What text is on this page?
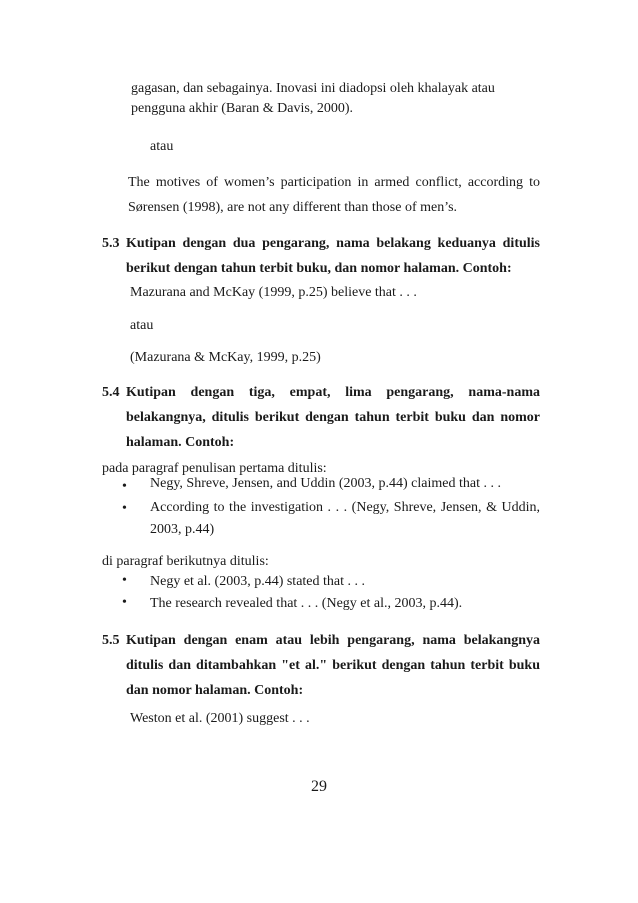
gagasan, dan sebagainya. Inovasi ini diadopsi oleh khalayak atau
pengguna akhir (Baran & Davis, 2000).
atau
The motives of women’s participation in armed conflict, according to Sørensen (1998), are not any different than those of men’s.
5.3 Kutipan dengan dua pengarang, nama belakang keduanya ditulis berikut dengan tahun terbit buku, dan nomor halaman. Contoh:
Mazurana and McKay (1999, p.25) believe that . . .
atau
(Mazurana & McKay, 1999, p.25)
5.4 Kutipan dengan tiga, empat, lima pengarang, nama-nama belakangnya, ditulis berikut dengan tahun terbit buku dan nomor halaman. Contoh:
pada paragraf penulisan pertama ditulis:
• Negy, Shreve, Jensen, and Uddin (2003, p.44) claimed that . . .
• According to the investigation . . . (Negy, Shreve, Jensen, & Uddin, 2003, p.44)
di paragraf berikutnya ditulis:
• Negy et al. (2003, p.44) stated that . . .
• The research revealed that . . . (Negy et al., 2003, p.44).
5.5 Kutipan dengan enam atau lebih pengarang, nama belakangnya ditulis dan ditambahkan "et al." berikut dengan tahun terbit buku dan nomor halaman. Contoh:
Weston et al. (2001) suggest . . .
29
